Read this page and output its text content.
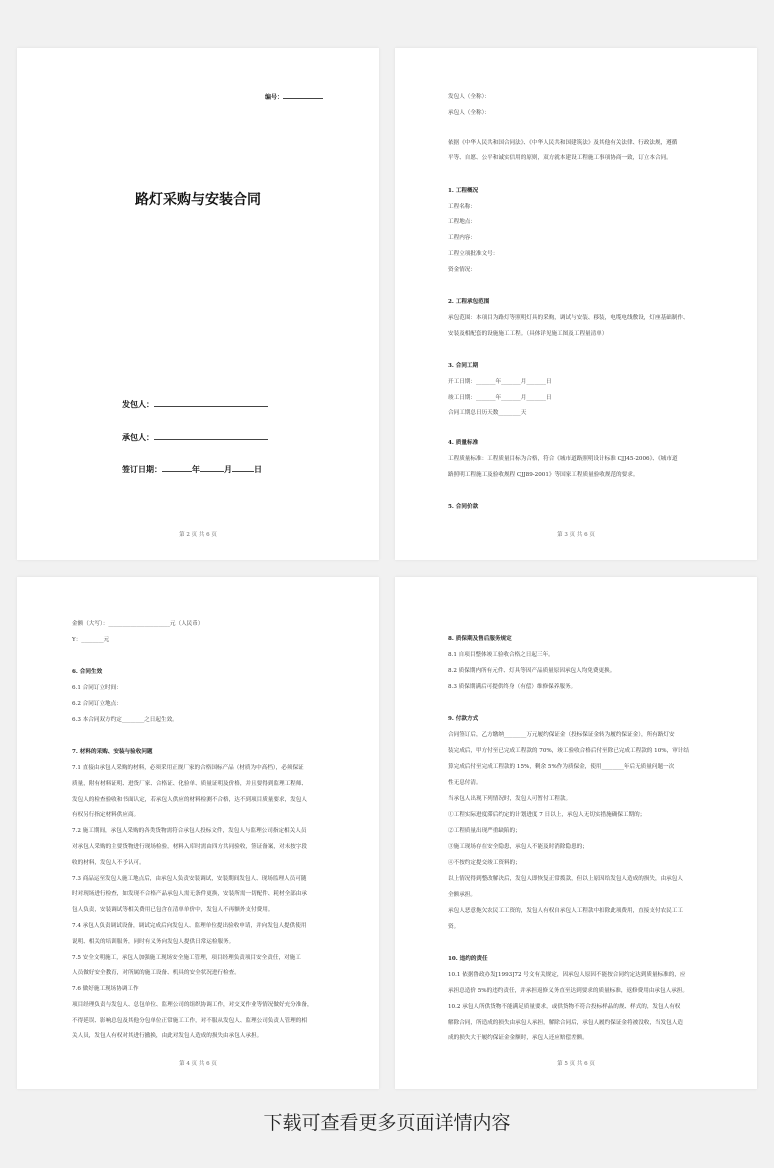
编号：
路灯采购与安装合同
发包人：
承包人：
签订日期：	年	月	日
第 2 页 共 6 页
发包人（全称）：
承包人（全称）：
依据《中华人民共和国合同法》、《中华人民共和国建筑法》及其他有关法律、行政法规，遵循
平等、自愿、公平和诚实信用的原则，双方就本建设工程施工事项协商一致，订立本合同。
1. 工程概况
工程名称：
工程地点：
工程内容：
工程立项批准文号：
资金情况：
2. 工程承包范围
承包范围：本项目为路灯等照明灯具的采购，调试与安装、移装，电缆电线敷设，灯座基础制作、
安装及相配套的设施施工工程。（具体详见施工图及工程量清单）
3. 合同工期
开工日期：_______年_______月_______日
竣工日期：_______年_______月_______日
合同工期总日历天数________天
4. 质量标准
工程质量标准：工程质量目标为合格，符合《城市道路照明设计标准 CJJ45-2006》、《城市道
路照明工程施工及验收规程 CJJ89-2001》等国家工程质量验收规范的要求。
5. 合同价款
第 3 页 共 6 页
金额（大写）：______________________元（人民币）
Y：________元
6. 合同生效
6.1 合同订立时间：
6.2 合同订立地点：
6.3 本合同双方约定________之日起生效。
7. 材料的采购、安装与验收问题
7.1 直接由承包人采购的材料，必须采用正规厂家的合格国标产品（材质为中高档），必须保证
质量，附有材料证明、进货厂家、合格证、化验单、质量证明及价格，并且要得到监理工程师、
发包人的检查验收和书面认定，若承包人供应的材料检测不合格，达不到项目质量要求，发包人
有权另行指定材料供应商。
7.2 施工期间，承包人采购的各类货物需符合承包人投标文件，发包人与监理公司指定相关人员
对承包人采购的主要货物进行现场检验，材料入库时需由四方共同验收，签证备案，对未按字段
收的材料，发包人不予认可。
7.3 商品运至发包人施工地点后，由承包人负责安装调试，安装期间发包人、现场监理人员可随
时对现场进行检查，如发现不合格产品承包人需无条件更换，安装所需一切配件、耗材全部由承
包人负责，安装调试等相关费用已包含在清单单价中，发包人不再额外支付费用。
7.4 承包人负责调试设备，调试完成后向发包人、监理单位提出验收申请，并向发包人提供使用
说明、相关的培训服务，同时有义务向发包人提供日常运检服务。
7.5 安全文明施工，承包人加强施工现场安全施工管理，项目经理负责项目安全责任，对施工
人员做好安全教育，对所属的施工设备、机具的安全状况进行检查。
7.6 做好施工现场协调工作
项目经理负责与发包人、总包单位、监理公司的组织协调工作，对交叉作业等情况做好充分准备，
不得延误、影响总包及其他分包单位正常施工工作，对不服从发包人、监理公司负责人管理的相
关人员，发包人有权对其进行撤换，由此对发包人造成的损失由承包人承担。
第 4 页 共 6 页
8. 质保期及售后服务规定
8.1 自项目整体竣工验收合格之日起三年。
8.2 质保期内所有元件、灯具等因产品质量原因承包人均免费更换。
8.3 质保期满后可提供终身（有偿）维修保养服务。
9. 付款方式
合同签订后，乙方缴纳________万元履约保证金（投标保证金转为履约保证金），所有路灯安
装完成后，甲方付至已完成工程款的 70%，竣工验收合格后付至除已完成工程款的 10%，审计结
算完成后付至完成工程款的 15%，剩余 5%作为质保金，使用________年后无质量问题一次
性无息付清。
当承包人出现下列情况时，发包人可暂付工程款。
①工程实际进度滞后约定的计划进度 7 日以上，承包人无切实措施确保工期的；
②工程质量出现严重缺陷的；
③施工现场存在安全隐患，承包人不能及时消除隐患的；
④不按约定提交竣工资料的；
以上情况得到整改解决后，发包人即恢复正常拨款，但以上原因给发包人造成的损失，由承包人
全额承担。
承包人恶意拖欠农民工工资的，发包人有权自承包人工程款中扣除此项费用，直接支付农民工工
资。
10. 违约的责任
10.1 依据鲁政办发[1993]72 号文有关规定，因承包人原因不能按合同约定达到质量标准的，应
承担总造价 5%的违约责任，并承担返修义务直至达到要求的质量标准，返修费用由承包人承担。
10.2 承包人所供货物不能满足质量要求，或供货物不符合投标样品的规、样式的，发包人有权
解除合同，所造成的损失由承包人承担，解除合同后，承包人履约保证金将被没收，当发包人造
成的损失大于履约保证金金额时，承包人还应赔偿差额。
第 5 页 共 6 页
下载可查看更多页面详情内容
